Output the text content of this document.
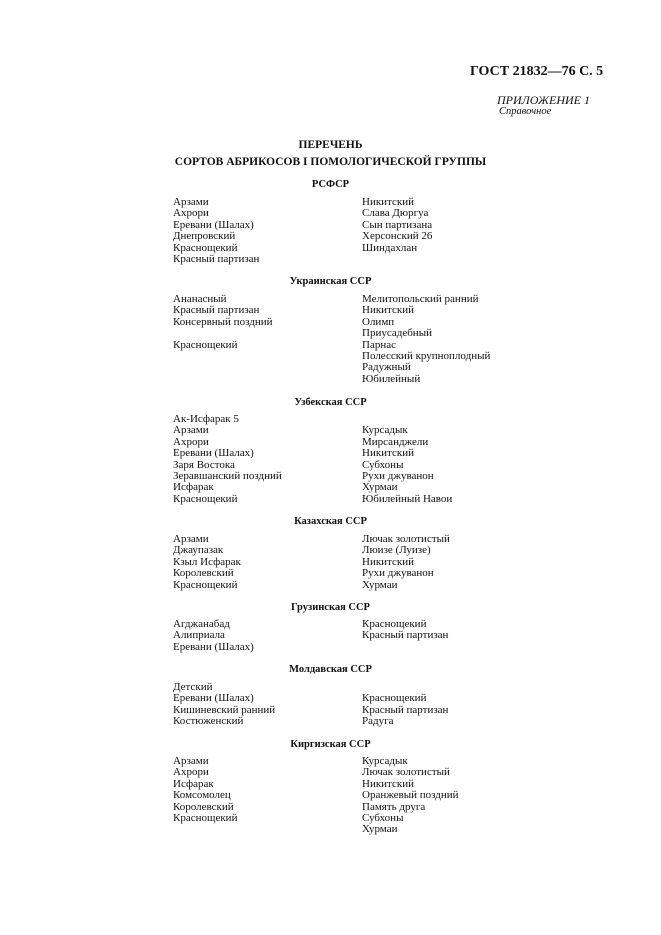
ГОСТ 21832—76 С. 5
ПРИЛОЖЕНИЕ 1
Справочное
ПЕРЕЧЕНЬ
СОРТОВ АБРИКОСОВ I ПОМОЛОГИЧЕСКОЙ ГРУППЫ
РСФСР
Арзами
Ахрори
Еревани (Шалах)
Днепровский
Краснощекий
Красный партизан
Никитский
Слава Дюргуа
Сын партизана
Херсонский 26
Шиндахлан
Украинская ССР
Ананасный
Красный партизан
Консервный поздний
Краснощекий
Мелитопольский ранний
Никитский
Олимп
Приусадебный
Парнас
Полесский крупноплодный
Радужный
Юбилейный
Узбекская ССР
Ак-Исфарак 5
Арзами
Ахрори
Еревани (Шалах)
Заря Востока
Зеравшанский поздний
Исфарак
Краснощекий
Курсадык
Мирсанджели
Никитский
Субхоны
Рухи джуванон
Хурмаи
Юбилейный Навои
Казахская ССР
Арзами
Джаупазак
Кзыл Исфарак
Королевский
Краснощекий
Лючак золотистый
Люизе (Луизе)
Никитский
Рухи джуванон
Хурмаи
Грузинская ССР
Агджанабад
Алиприала
Еревани (Шалах)
Краснощекий
Красный партизан
Молдавская ССР
Детский
Еревани (Шалах)
Кишиневский ранний
Костюженский
Краснощекий
Красный партизан
Радуга
Киргизская ССР
Арзами
Ахрори
Исфарак
Комсомолец
Королевский
Краснощекий
Курсадык
Лючак золотистый
Никитский
Оранжевый поздний
Память друга
Субхоны
Хурмаи
